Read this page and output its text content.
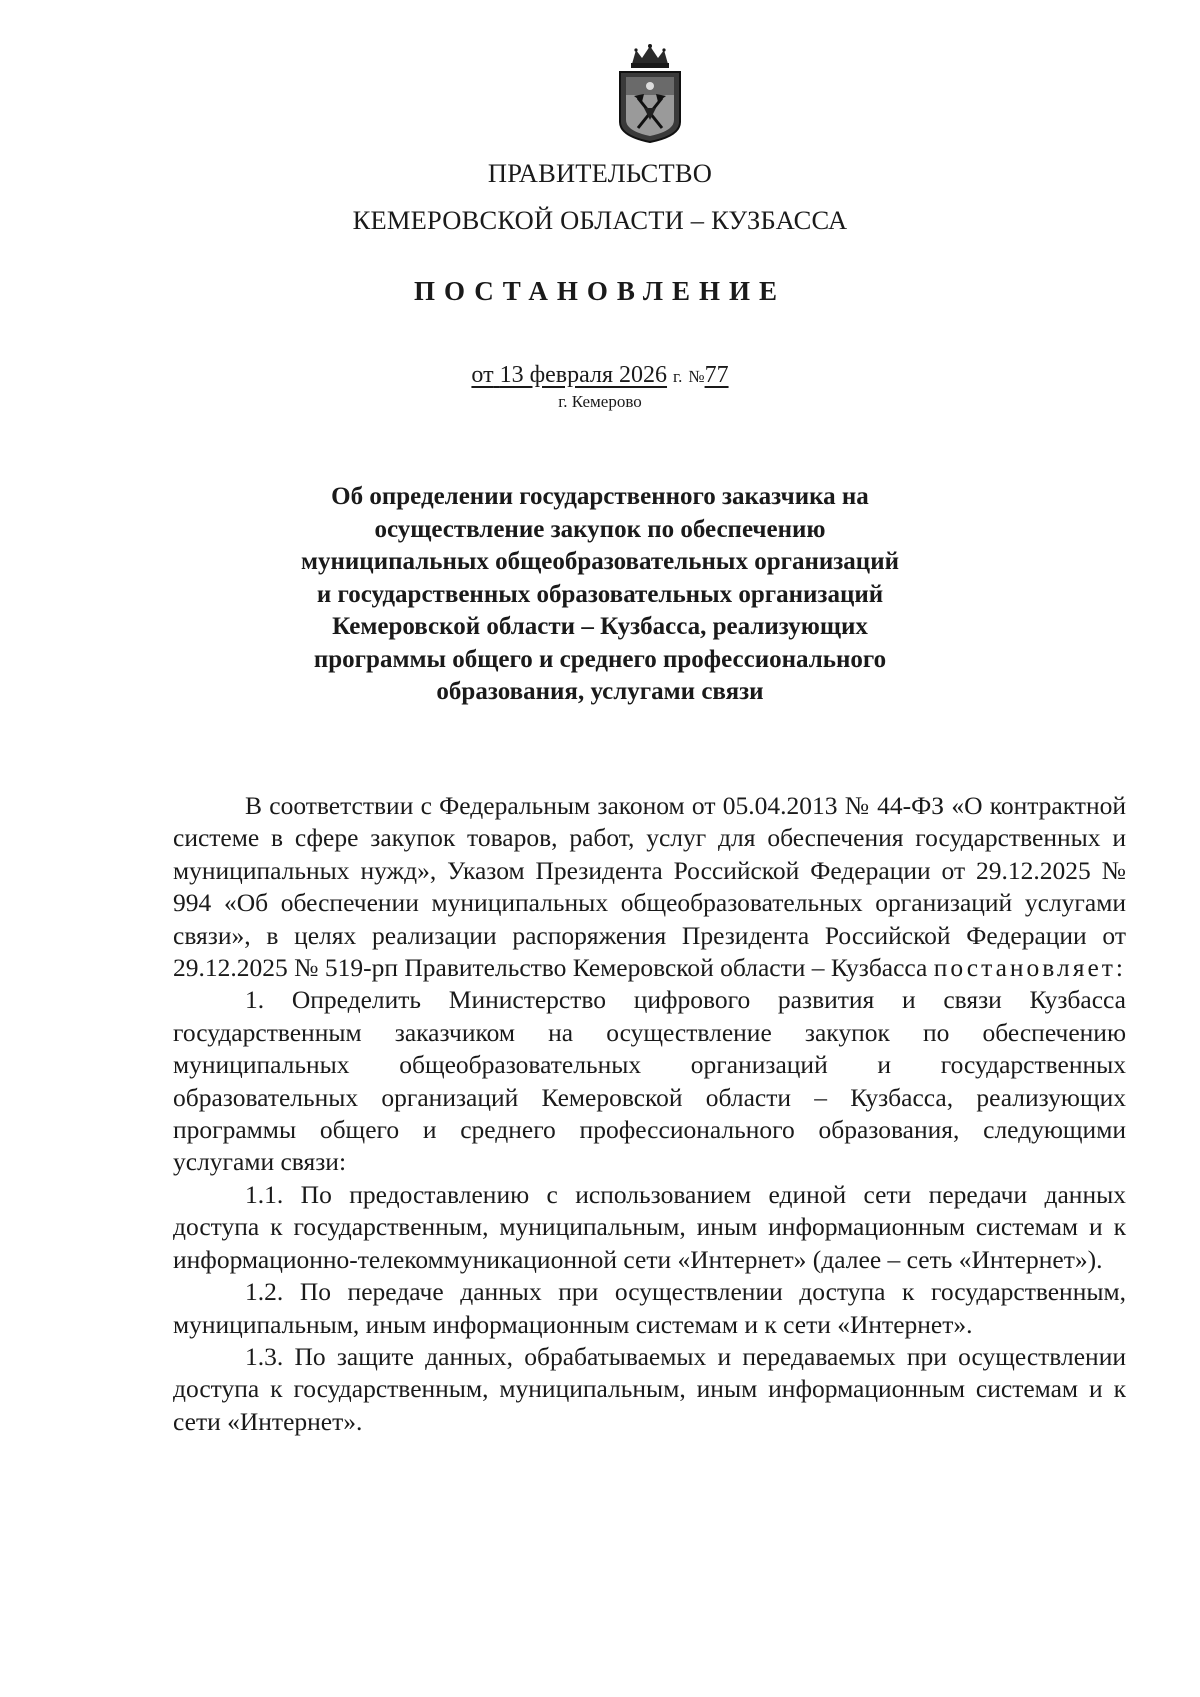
ПРАВИТЕЛЬСТВО
КЕМЕРОВСКОЙ ОБЛАСТИ – КУЗБАССА
ПОСТАНОВЛЕНИЕ
от 13 февраля 2026 г. №77
г. Кемерово
Об определении государственного заказчика на осуществление закупок по обеспечению муниципальных общеобразовательных организаций и государственных образовательных организаций Кемеровской области – Кузбасса, реализующих программы общего и среднего профессионального образования, услугами связи

В соответствии с Федеральным законом от 05.04.2013 № 44-ФЗ «О контрактной системе в сфере закупок товаров, работ, услуг для обеспечения государственных и муниципальных нужд», Указом Президента Российской Федерации от 29.12.2025 № 994 «Об обеспечении муниципальных общеобразовательных организаций услугами связи», в целях реализации распоряжения Президента Российской Федерации от 29.12.2025 № 519-рп Правительство Кемеровской области – Кузбасса постановляет:

1. Определить Министерство цифрового развития и связи Кузбасса государственным заказчиком на осуществление закупок по обеспечению муниципальных общеобразовательных организаций и государственных образовательных организаций Кемеровской области – Кузбасса, реализующих программы общего и среднего профессионального образования, следующими услугами связи:

1.1. По предоставлению с использованием единой сети передачи данных доступа к государственным, муниципальным, иным информационным системам и к информационно-телекоммуникационной сети «Интернет» (далее – сеть «Интернет»).

1.2. По передаче данных при осуществлении доступа к государственным, муниципальным, иным информационным системам и к сети «Интернет».

1.3. По защите данных, обрабатываемых и передаваемых при осуществлении доступа к государственным, муниципальным, иным информационным системам и к сети «Интернет».
